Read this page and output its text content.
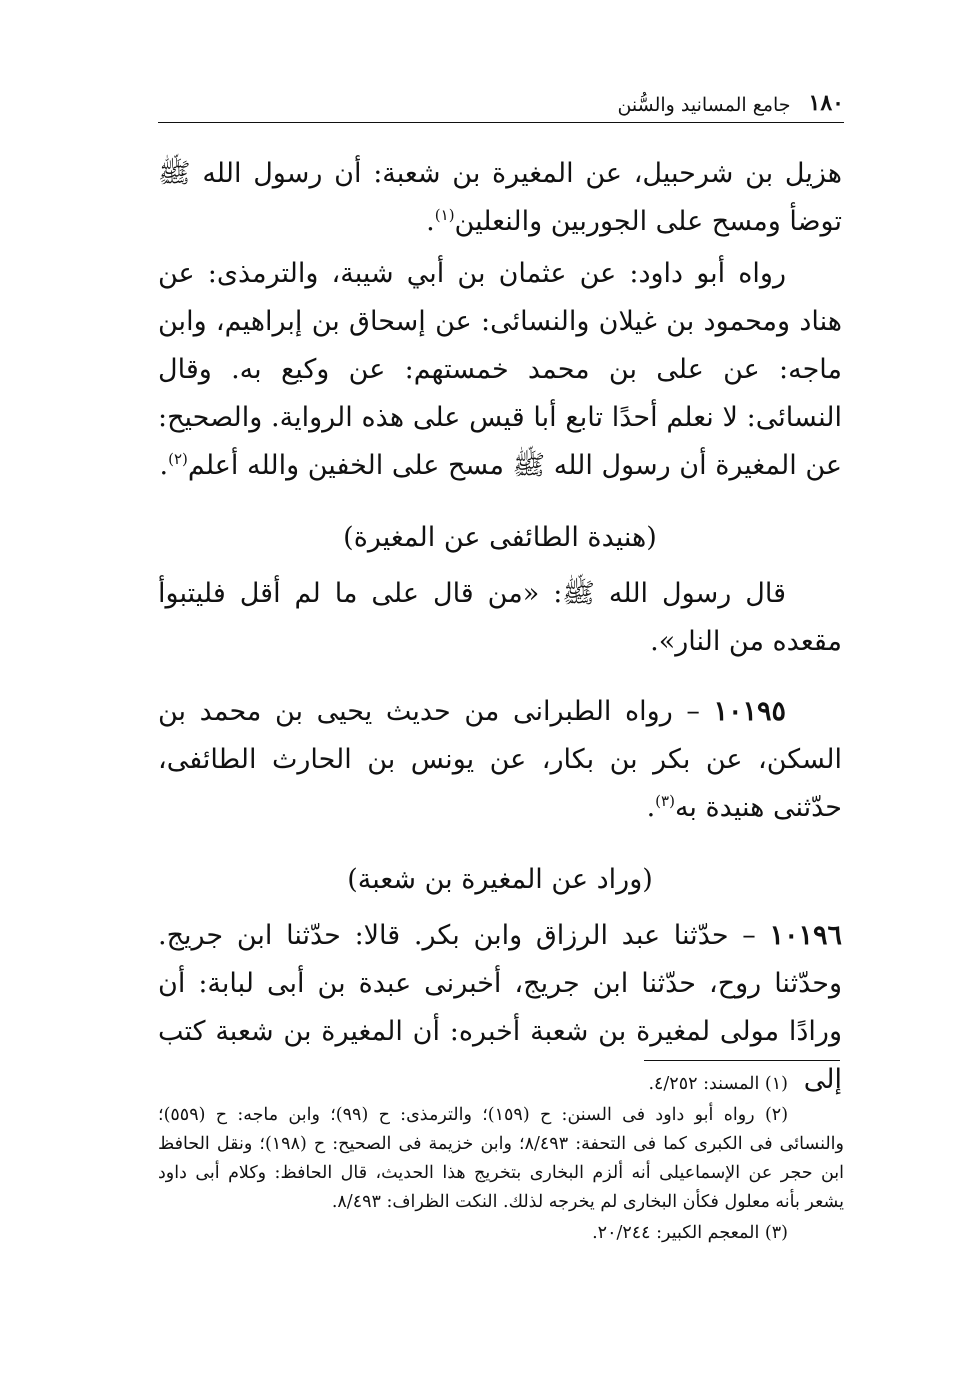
١٨٠
جامع المسانيد والسُّنن

هزيل بن شرحبيل، عن المغيرة بن شعبة: أن رسول الله ﷺ توضأ ومسح على الجوربين والنعلين$^{(١)}$.

رواه أبو داود: عن عثمان بن أبي شيبة، والترمذى: عن هناد ومحمود بن غيلان والنسائى: عن إسحاق بن إبراهيم، وابن ماجه: عن على بن محمد خمستهم: عن وكيع به. وقال النسائى: لا نعلم أحدًا تابع أبا قيس على هذه الرواية. والصحيح: عن المغيرة أن رسول الله ﷺ مسح على الخفين والله أعلم$^{(٢)}$.

(هنيدة الطائفى عن المغيرة)

قال رسول الله ﷺ: «من قال على ما لم أقل فليتبوأ مقعده من النار».

١٠١٩٥ – رواه الطبرانى من حديث يحيى بن محمد بن السكن، عن بكر بن بكار، عن يونس بن الحارث الطائفى، حدّثنى هنيدة به$^{(٣)}$.

(وراد عن المغيرة بن شعبة)

١٠١٩٦ – حدّثنا عبد الرزاق وابن بكر. قالا: حدّثنا ابن جريج. وحدّثنا روح، حدّثنا ابن جريج، أخبرنى عبدة بن أبى لبابة: أن ورادًا مولى لمغيرة بن شعبة أخبره: أن المغيرة بن شعبة كتب إلى

(١) المسند: ٤/٢٥٢.

(٢) رواه أبو داود فى السنن: ح (١٥٩)؛ والترمذى: ح (٩٩)؛ وابن ماجه: ح (٥٥٩)؛ والنسائى فى الكبرى كما فى التحفة: ٨/٤٩٣؛ وابن خزيمة فى الصحيح: ح (١٩٨)؛ ونقل الحافظ ابن حجر عن الإسماعيلى أنه ألزم البخارى بتخريج هذا الحديث، قال الحافظ: وكلام أبى داود يشعر بأنه معلول فكأن البخارى لم يخرجه لذلك. النكت الظراف: ٨/٤٩٣.

(٣) المعجم الكبير: ٢٠/٢٤٤.
